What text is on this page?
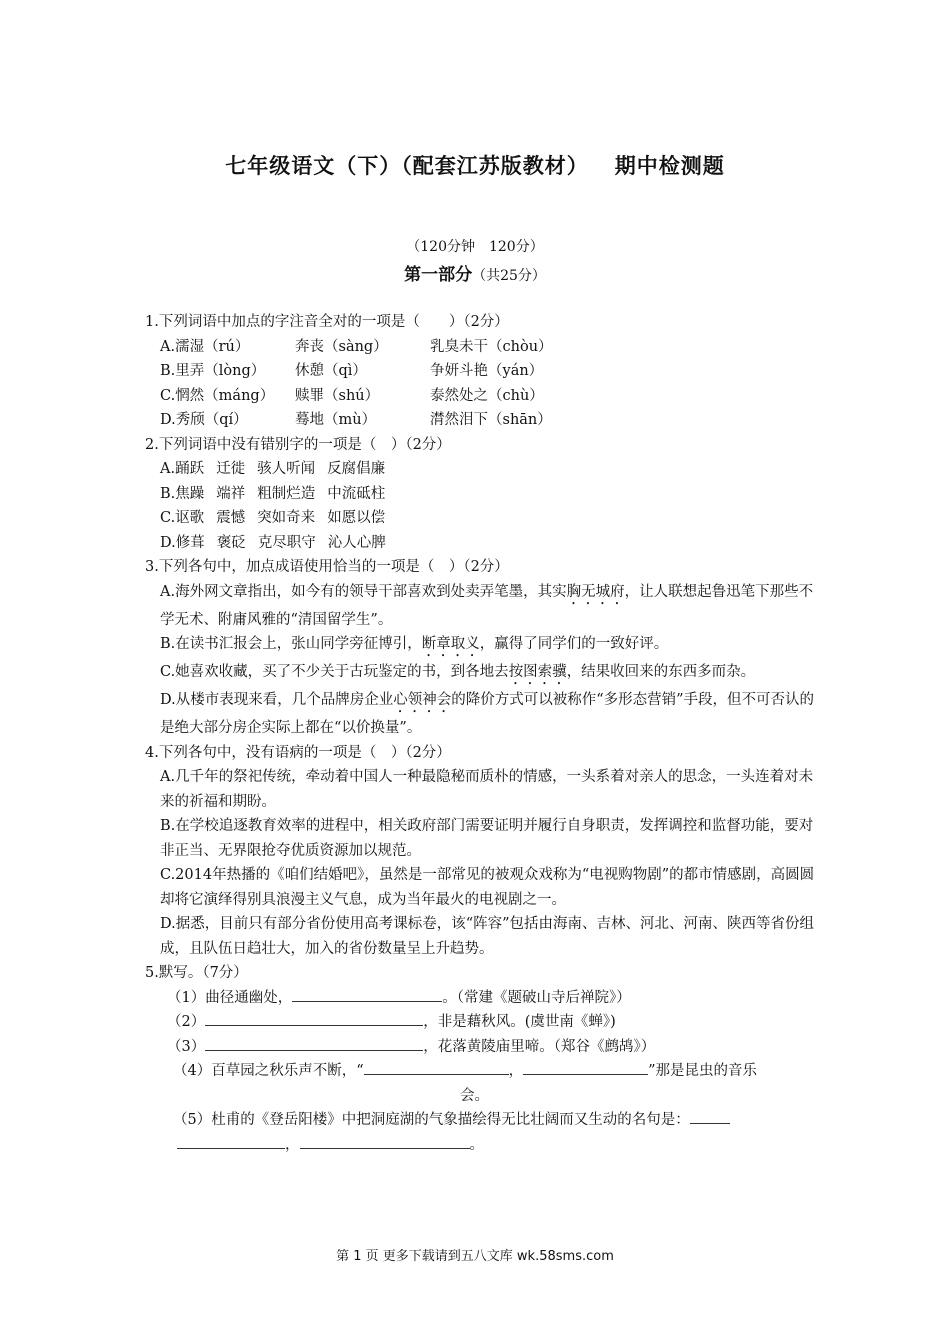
七年级语文（下）（配套江苏版教材） 期中检测题
（120分钟　120分）
第一部分（共25分）

1.下列词语中加点的字注音全对的一项是（　　）（2分）

A.濡湿（rú）	奔丧（sàng）	乳臭未干（chòu）
B.里弄（lòng）	休憩（qì）	争妍斗艳（yán）
C.惘然（máng）	赎罪（shú）	泰然处之（chù）
D.秀颀（qí）	蓦地（mù）	潸然泪下（shān）

2.下列词语中没有错别字的一项是（　）（2分）

A.踊跃 迁徙 骇人听闻 反腐倡廉
B.焦躁 端祥 粗制烂造 中流砥柱
C.讴歌 震憾 突如奇来 如愿以偿
D.修葺 褒砭 克尽职守 沁人心脾

3.下列各句中，加点成语使用恰当的一项是（　）（2分）

A.海外网文章指出，如今有的领导干部喜欢到处卖弄笔墨，其实胸无城府，让人联想起鲁迅笔下那些不学无术、附庸风雅的“清国留学生”。
B.在读书汇报会上，张山同学旁征博引，断章取义，赢得了同学们的一致好评。
C.她喜欢收藏，买了不少关于古玩鉴定的书，到各地去按图索骥，结果收回来的东西多而杂。
D.从楼市表现来看，几个品牌房企业心领神会的降价方式可以被称作“多形态营销”手段，但不可否认的是绝大部分房企实际上都在“以价换量”。

4.下列各句中，没有语病的一项是（　）（2分）

A.几千年的祭祀传统，牵动着中国人一种最隐秘而质朴的情感，一头系着对亲人的思念，一头连着对未来的祈福和期盼。
B.在学校追逐教育效率的进程中，相关政府部门需要证明并履行自身职责，发挥调控和监督功能，要对非正当、无界限抢夺优质资源加以规范。
C.2014年热播的《咱们结婚吧》，虽然是一部常见的被观众戏称为“电视购物剧”的都市情感剧，高圆圆却将它演绎得别具浪漫主义气息，成为当年最火的电视剧之一。
D.据悉，目前只有部分省份使用高考课标卷，该“阵容”包括由海南、吉林、河北、河南、陕西等省份组成，且队伍日趋壮大，加入的省份数量呈上升趋势。

5.默写。（7分）

（1）曲径通幽处，	。（常建《题破山寺后禅院》）
（2）	，非是藉秋风。(虞世南《蝉》)
（3）	，花落黄陵庙里啼。（郑谷《鹧鸪》）
（4）百草园之秋乐声不断，“	，	”那是昆虫的音乐
会。
（5）杜甫的《登岳阳楼》中把洞庭湖的气象描绘得无比壮阔而又生动的名句是：
，	。
第 1 页 更多下载请到五八文库 wk.58sms.com
